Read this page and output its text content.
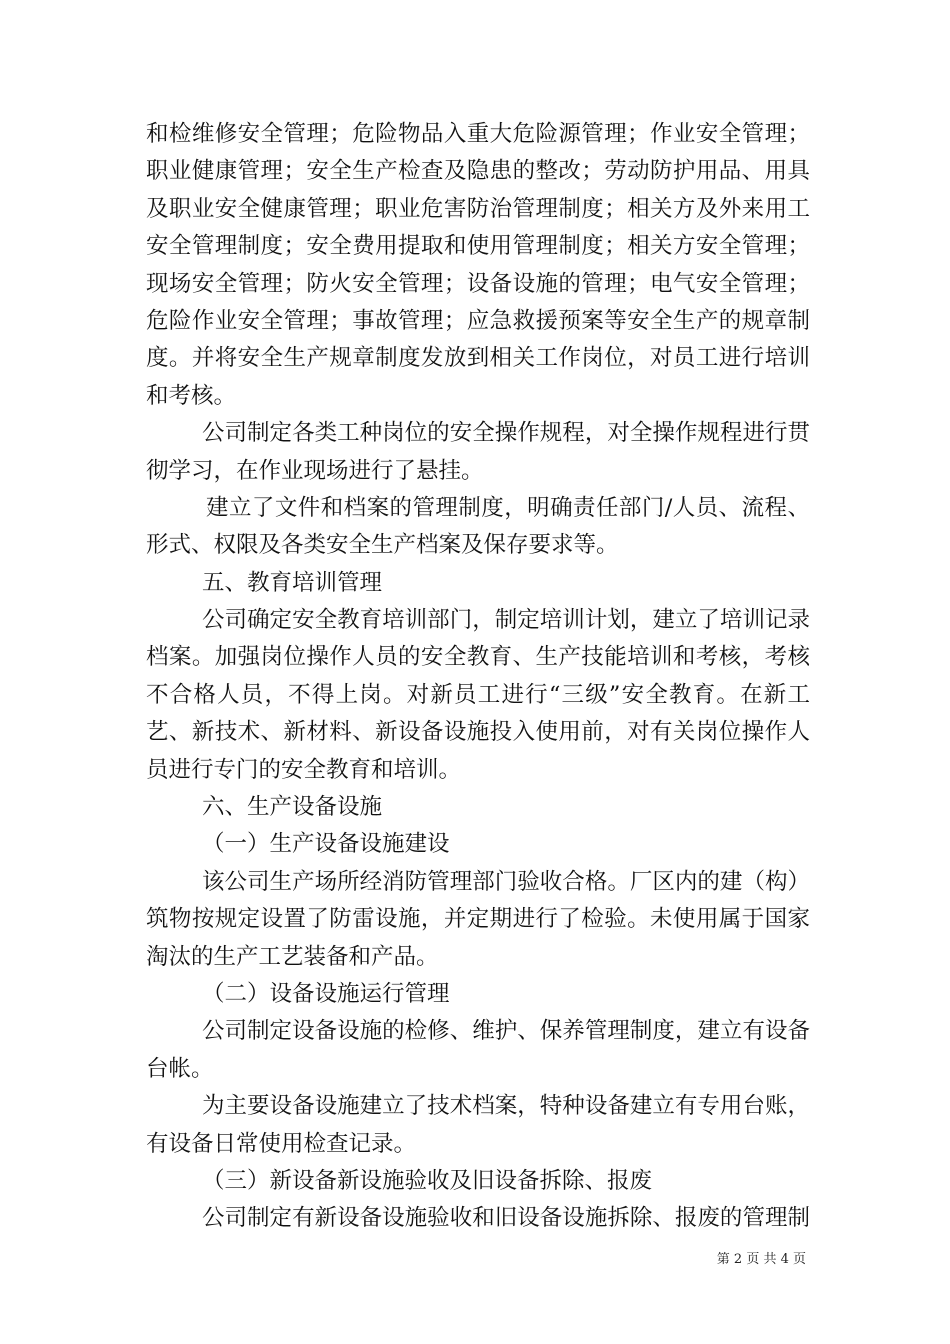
和检维修安全管理；危险物品入重大危险源管理；作业安全管理；
职业健康管理；安全生产检查及隐患的整改；劳动防护用品、用具
及职业安全健康管理；职业危害防治管理制度；相关方及外来用工
安全管理制度；安全费用提取和使用管理制度；相关方安全管理；
现场安全管理；防火安全管理；设备设施的管理；电气安全管理；
危险作业安全管理；事故管理；应急救援预案等安全生产的规章制
度。并将安全生产规章制度发放到相关工作岗位，对员工进行培训
和考核。
公司制定各类工种岗位的安全操作规程，对全操作规程进行贯
彻学习，在作业现场进行了悬挂。
建立了文件和档案的管理制度，明确责任部门/人员、流程、
形式、权限及各类安全生产档案及保存要求等。
五、教育培训管理
公司确定安全教育培训部门，制定培训计划，建立了培训记录
档案。加强岗位操作人员的安全教育、生产技能培训和考核，考核
不合格人员，不得上岗。对新员工进行“三级”安全教育。在新工
艺、新技术、新材料、新设备设施投入使用前，对有关岗位操作人
员进行专门的安全教育和培训。
六、生产设备设施
（一）生产设备设施建设
该公司生产场所经消防管理部门验收合格。厂区内的建（构）
筑物按规定设置了防雷设施，并定期进行了检验。未使用属于国家
淘汰的生产工艺装备和产品。
（二）设备设施运行管理
公司制定设备设施的检修、维护、保养管理制度，建立有设备
台帐。
为主要设备设施建立了技术档案，特种设备建立有专用台账，
有设备日常使用检查记录。
（三）新设备新设施验收及旧设备拆除、报废
公司制定有新设备设施验收和旧设备设施拆除、报废的管理制
第 2 页 共 4 页
